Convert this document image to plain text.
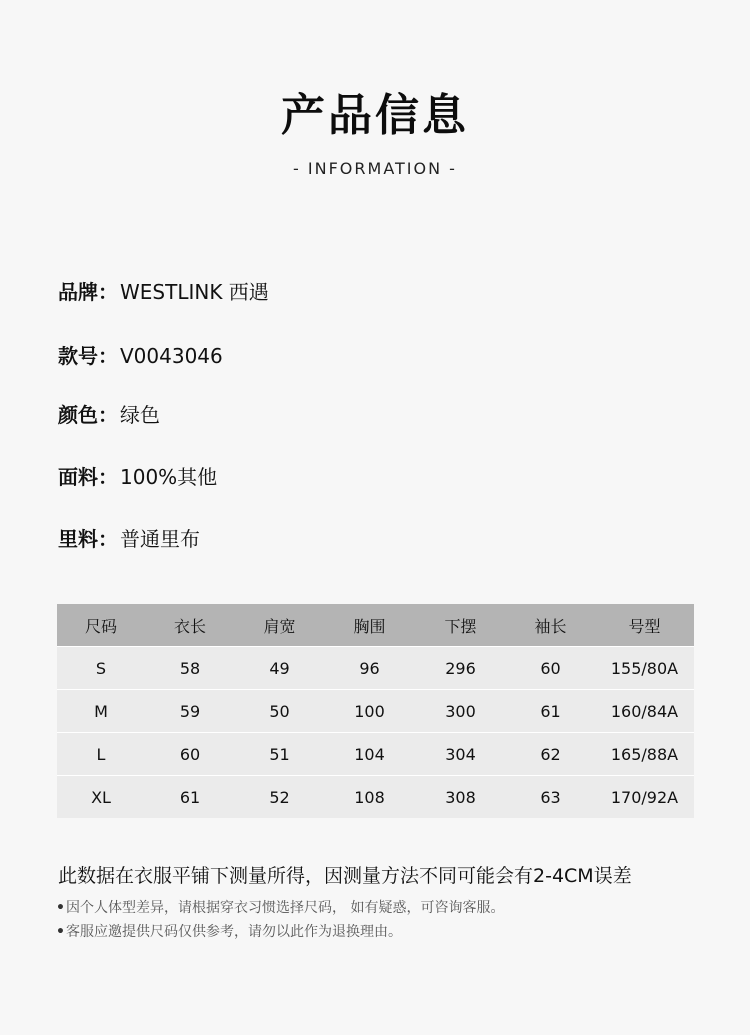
产品信息
- INFORMATION -
品牌： WESTLINK 西遇
款号： V0043046
颜色： 绿色
面料： 100%其他
里料： 普通里布
尺码	衣长	肩宽	胸围	下摆	袖长	号型
S	58	49	96	296	60	155/80A
M	59	50	100	300	61	160/84A
L	60	51	104	304	62	165/88A
XL	61	52	108	308	63	170/92A
此数据在衣服平铺下测量所得，因测量方法不同可能会有2-4CM误差
•因个人体型差异，请根据穿衣习惯选择尺码， 如有疑惑，可咨询客服。
•客服应邀提供尺码仅供参考，请勿以此作为退换理由。
